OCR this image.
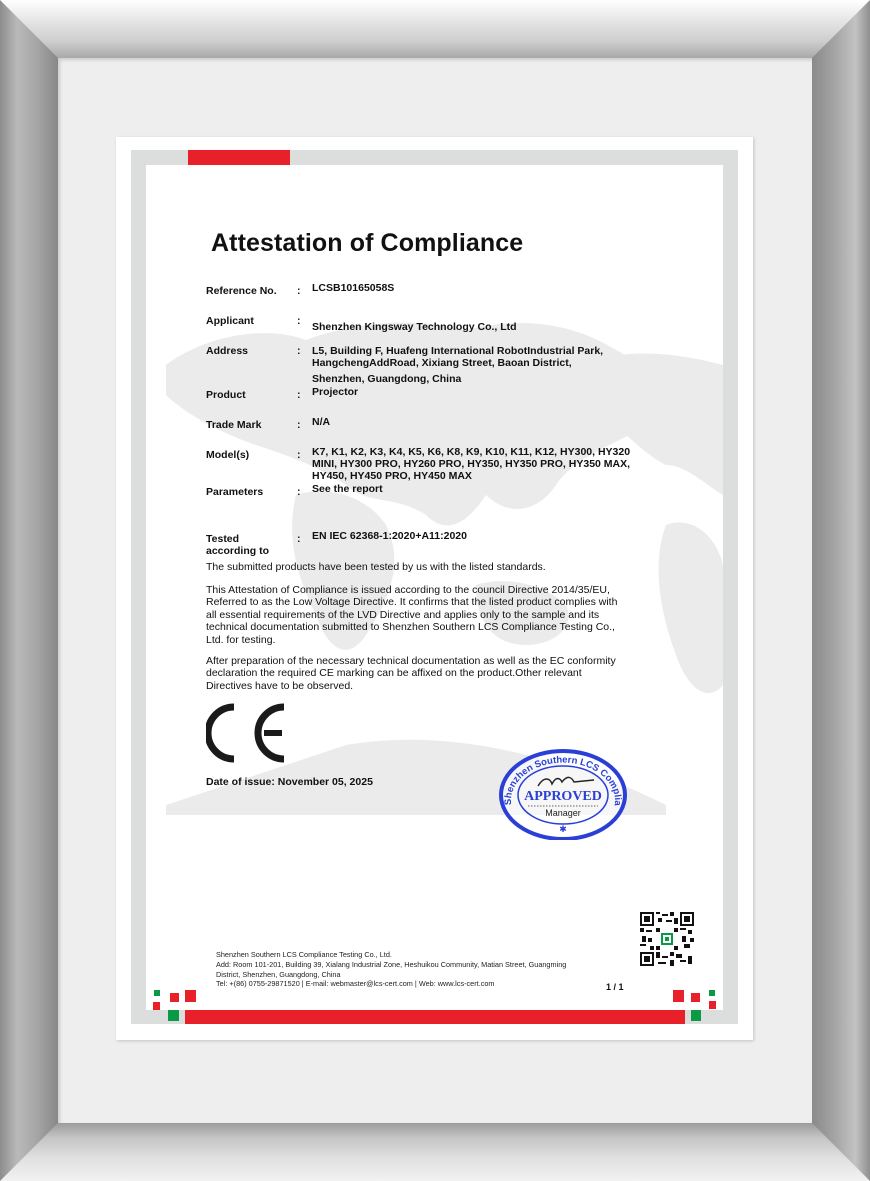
Attestation of Compliance
Reference No. : LCSB10165058S
Applicant	: Shenzhen Kingsway Technology Co., Ltd
Address	: L5, Building F, Huafeng International RobotIndustrial Park,
HangchengAddRoad, Xixiang Street, Baoan District,
Shenzhen, Guangdong, China
Product	: Projector
Trade Mark	: N/A
Model(s)	: K7, K1, K2, K3, K4, K5, K6, K8, K9, K10, K11, K12, HY300, HY320
MINI, HY300 PRO, HY260 PRO, HY350, HY350 PRO, HY350 MAX,
HY450, HY450 PRO, HY450 MAX
Parameters	: See the report
Tested
according to
: EN IEC 62368-1:2020+A11:2020
The submitted products have been tested by us with the listed standards.
This Attestation of Compliance is issued according to the council Directive 2014/35/EU, Referred to as the Low Voltage Directive. It confirms that the listed product complies with all essential requirements of the LVD Directive and applies only to the sample and its technical documentation submitted to Shenzhen Southern LCS Compliance Testing Co., Ltd. for testing.
After preparation of the necessary technical documentation as well as the EC conformity declaration the required CE marking can be affixed on the product.Other relevant Directives have to be observed.
Date of issue: November 05, 2025
Shenzhen Southern LCS Complia
APPROVED
Manager
✱
Shenzhen Southern LCS Compliance Testing Co., Ltd.
Add: Room 101-201, Building 39, Xialang Industrial Zone, Heshuikou Community, Matian Street, Guangming
District, Shenzhen, Guangdong, China
Tel: +(86) 0755-29871520 | E-mail: webmaster@lcs-cert.com | Web: www.lcs-cert.com	1 / 1
